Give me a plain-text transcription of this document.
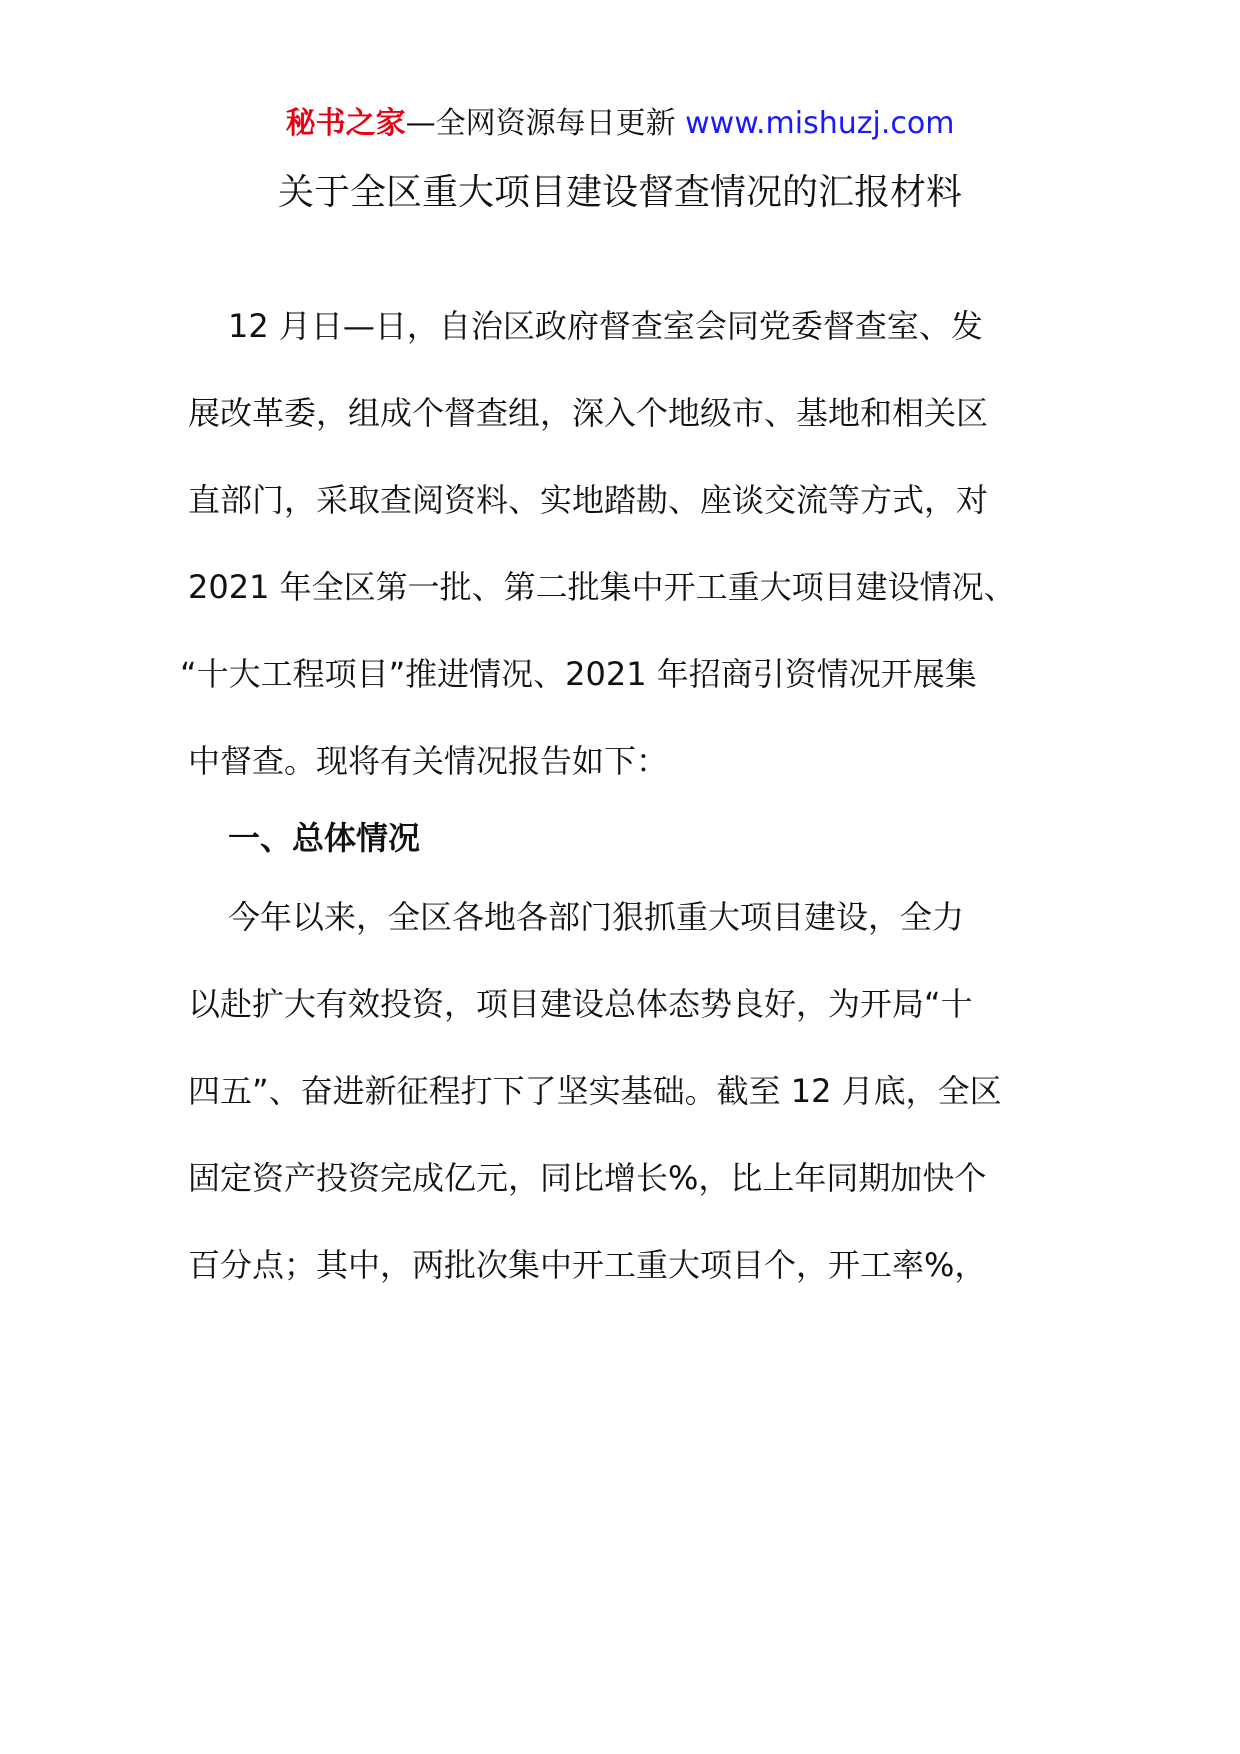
秘书之家—全网资源每日更新 www.mishuzj.com
关于全区重大项目建设督查情况的汇报材料

12 月日—日，自治区政府督查室会同党委督查室、发

展改革委，组成个督查组，深入个地级市、基地和相关区

直部门，采取查阅资料、实地踏勘、座谈交流等方式，对

2021 年全区第一批、第二批集中开工重大项目建设情况、

“十大工程项目”推进情况、2021 年招商引资情况开展集

中督查。现将有关情况报告如下：

一、总体情况

今年以来，全区各地各部门狠抓重大项目建设，全力

以赴扩大有效投资，项目建设总体态势良好，为开局“十

四五”、奋进新征程打下了坚实基础。截至 12 月底，全区

固定资产投资完成亿元，同比增长%，比上年同期加快个

百分点；其中，两批次集中开工重大项目个，开工率%，
